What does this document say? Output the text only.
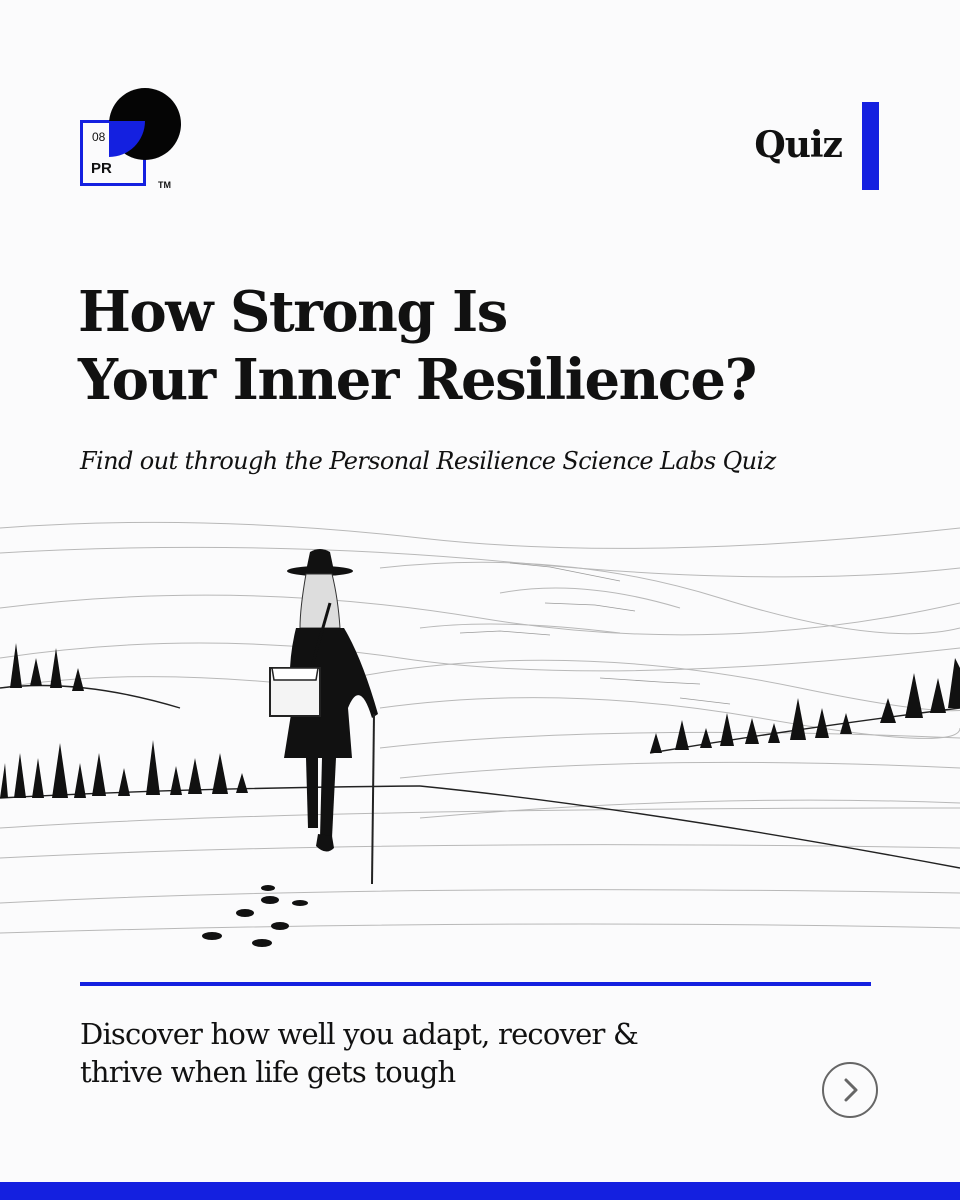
08
PR
TM
Quiz
How Strong Is
Your Inner Resilience?

Find out through the Personal Resilience Science Labs Quiz

Discover how well you adapt, recover &
thrive when life gets tough
